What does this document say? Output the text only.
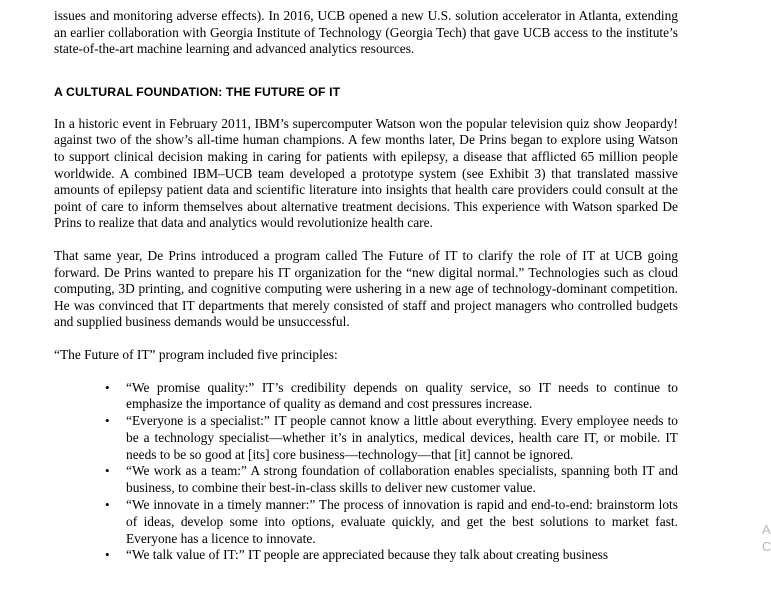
issues and monitoring adverse effects). In 2016, UCB opened a new U.S. solution accelerator in Atlanta, extending an earlier collaboration with Georgia Institute of Technology (Georgia Tech) that gave UCB access to the institute’s state-of-the-art machine learning and advanced analytics resources.

A CULTURAL FOUNDATION: THE FUTURE OF IT

In a historic event in February 2011, IBM’s supercomputer Watson won the popular television quiz show Jeopardy! against two of the show’s all-time human champions. A few months later, De Prins began to explore using Watson to support clinical decision making in caring for patients with epilepsy, a disease that afflicted 65 million people worldwide. A combined IBM–UCB team developed a prototype system (see Exhibit 3) that translated massive amounts of epilepsy patient data and scientific literature into insights that health care providers could consult at the point of care to inform themselves about alternative treatment decisions. This experience with Watson sparked De Prins to realize that data and analytics would revolutionize health care.

That same year, De Prins introduced a program called The Future of IT to clarify the role of IT at UCB going forward. De Prins wanted to prepare his IT organization for the “new digital normal.” Technologies such as cloud computing, 3D printing, and cognitive computing were ushering in a new age of technology-dominant competition. He was convinced that IT departments that merely consisted of staff and project managers who controlled budgets and supplied business demands would be unsuccessful.

“The Future of IT” program included five principles:

• “We promise quality:” IT’s credibility depends on quality service, so IT needs to continue to emphasize the importance of quality as demand and cost pressures increase.
• “Everyone is a specialist:” IT people cannot know a little about everything. Every employee needs to be a technology specialist—whether it’s in analytics, medical devices, health care IT, or mobile. IT needs to be so good at [its] core business—technology—that [it] cannot be ignored.
• “We work as a team:” A strong foundation of collaboration enables specialists, spanning both IT and business, to combine their best-in-class skills to deliver new customer value.
• “We innovate in a timely manner:” The process of innovation is rapid and end-to-end: brainstorm lots of ideas, develop some into options, evaluate quickly, and get the best solutions to market fast. Everyone has a licence to innovate.
• “We talk value of IT:” IT people are appreciated because they talk about creating business
A
C
